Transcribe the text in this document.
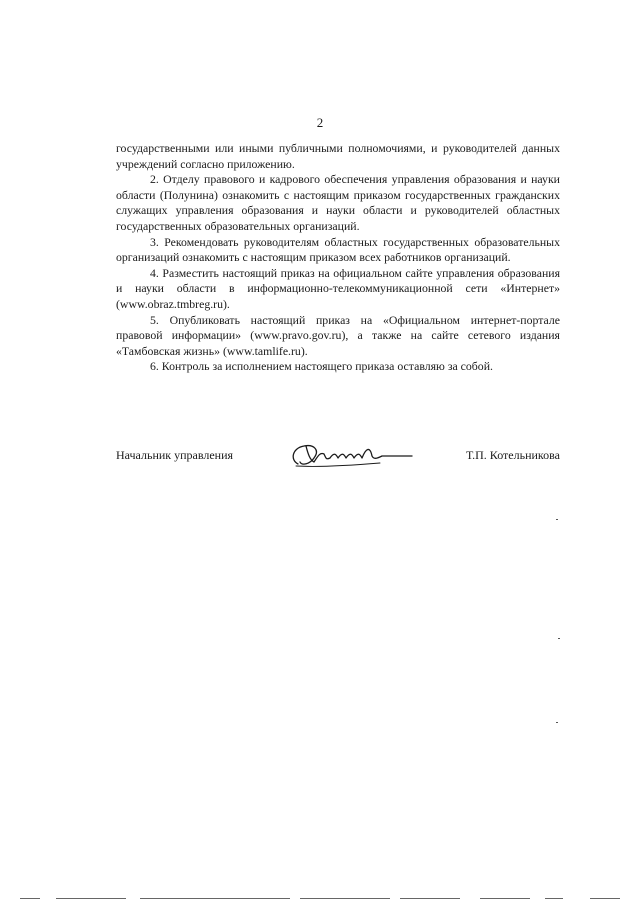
2

государственными или иными публичными полномочиями, и руководителей данных учреждений согласно приложению.

2. Отделу правового и кадрового обеспечения управления образования и науки области (Полунина) ознакомить с настоящим приказом государственных гражданских служащих управления образования и науки области и руководителей областных государственных образовательных организаций.

3. Рекомендовать руководителям областных государственных образовательных организаций ознакомить с настоящим приказом всех работников организаций.

4. Разместить настоящий приказ на официальном сайте управления образования и науки области в информационно-телекоммуникационной сети «Интернет» (www.obraz.tmbreg.ru).

5. Опубликовать настоящий приказ на «Официальном интернет-портале правовой информации» (www.pravo.gov.ru), а также на сайте сетевого издания «Тамбовская жизнь» (www.tamlife.ru).

6. Контроль за исполнением настоящего приказа оставляю за собой.

Начальник управления	Т.П. Котельникова
